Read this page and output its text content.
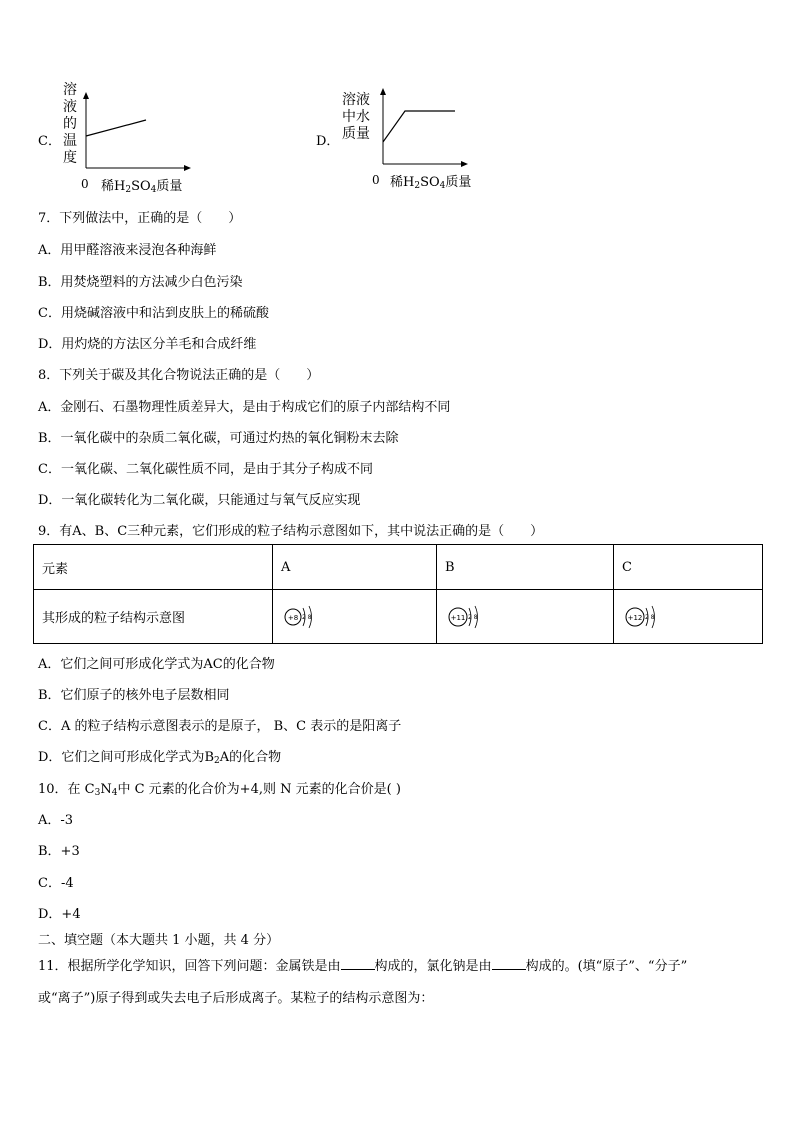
C．
溶
液
的
温
度
0 稀$H_2SO_4$质量
D．
溶液
中水
质量
0 稀$H_2SO_4$质量
7．下列做法中，正确的是（　　）
A．用甲醛溶液来浸泡各种海鲜
B．用焚烧塑料的方法减少白色污染
C．用烧碱溶液中和沾到皮肤上的稀硫酸
D．用灼烧的方法区分羊毛和合成纤维
8．下列关于碳及其化合物说法正确的是（　　）
A．金刚石、石墨物理性质差异大，是由于构成它们的原子内部结构不同
B．一氧化碳中的杂质二氧化碳，可通过灼热的氧化铜粉末去除
C．一氧化碳、二氧化碳性质不同，是由于其分子构成不同
D．一氧化碳转化为二氧化碳，只能通过与氧气反应实现
9．有A、B、C三种元素，它们形成的粒子结构示意图如下，其中说法正确的是（　　）
元素	A	B	C
其形成的粒子结构示意图	+8 2 8	+11 2 8	+12 2 8
A．它们之间可形成化学式为AC的化合物
B．它们原子的核外电子层数相同
C．A 的粒子结构示意图表示的是原子， B、C 表示的是阳离子
D．它们之间可形成化学式为$B_2A$的化合物
10．在 $C_3N_4$中 C 元素的化合价为+4,则 N 元素的化合价是( )
A．-3
B．+3
C．-4
D．+4
二、填空题（本大题共 1 小题，共 4 分）
11．根据所学化学知识，回答下列问题：金属铁是由	构成的，氯化钠是由	构成的。(填“原子”、“分子”
或“离子”)原子得到或失去电子后形成离子。某粒子的结构示意图为：
